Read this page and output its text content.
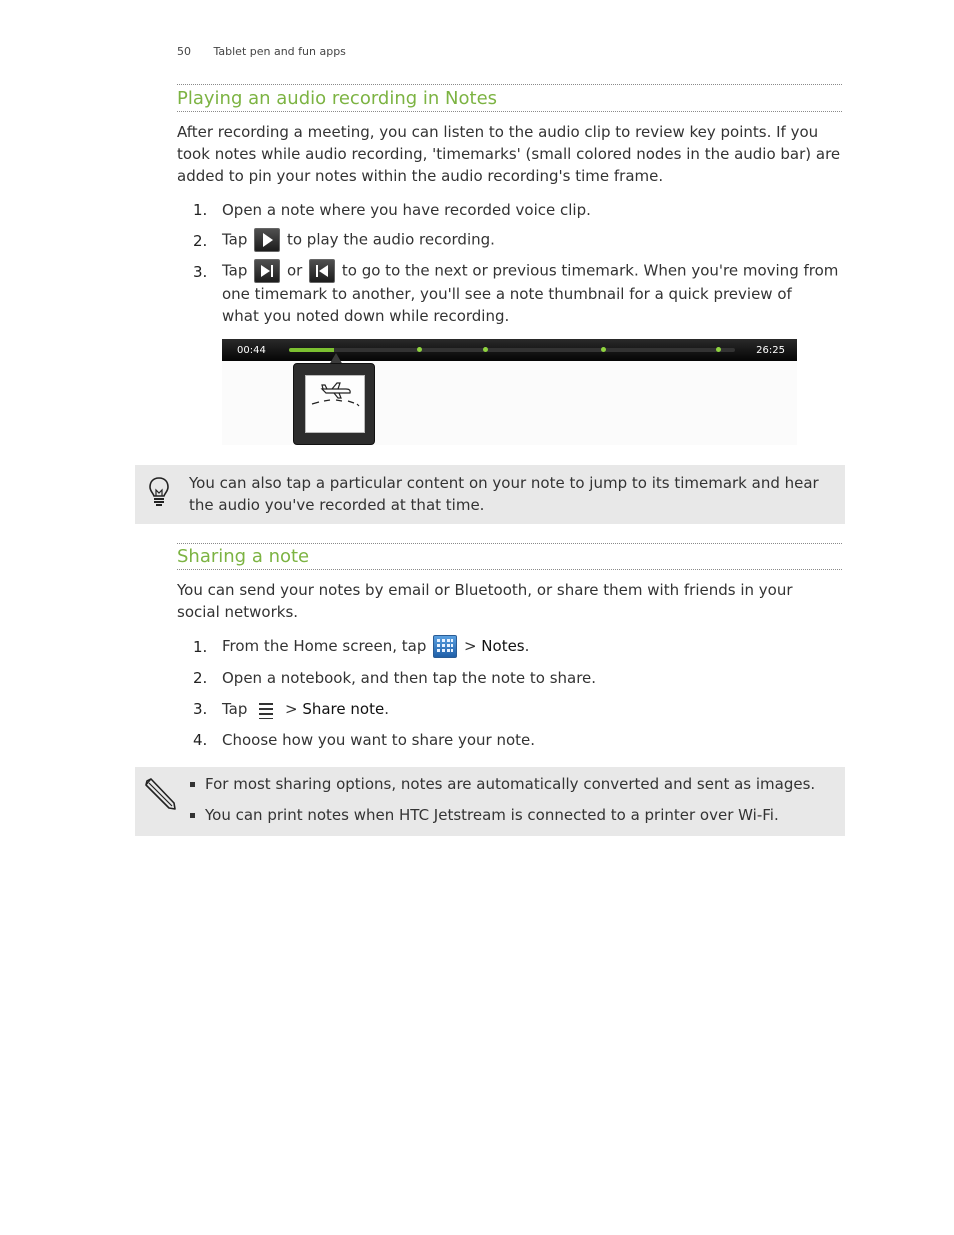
50 Tablet pen and fun apps
Playing an audio recording in Notes
After recording a meeting, you can listen to the audio clip to review key points. If you took notes while audio recording, 'timemarks' (small colored nodes in the audio bar) are added to pin your notes within the audio recording's time frame.
1. Open a note where you have recorded voice clip.
2. Tap	to play the audio recording.
3. Tap	or	to go to the next or previous timemark. When you're moving from
one timemark to another, you'll see a note thumbnail for a quick preview of
what you noted down while recording.
00:44	26:25
You can also tap a particular content on your note to jump to its timemark and hear
the audio you've recorded at that time.
Sharing a note
You can send your notes by email or Bluetooth, or share them with friends in your
social networks.
1. From the Home screen, tap	> Notes.
2. Open a notebook, and then tap the note to share.
3. Tap	> Share note.
4. Choose how you want to share your note.
For most sharing options, notes are automatically converted and sent as images.
You can print notes when HTC Jetstream is connected to a printer over Wi-Fi.
